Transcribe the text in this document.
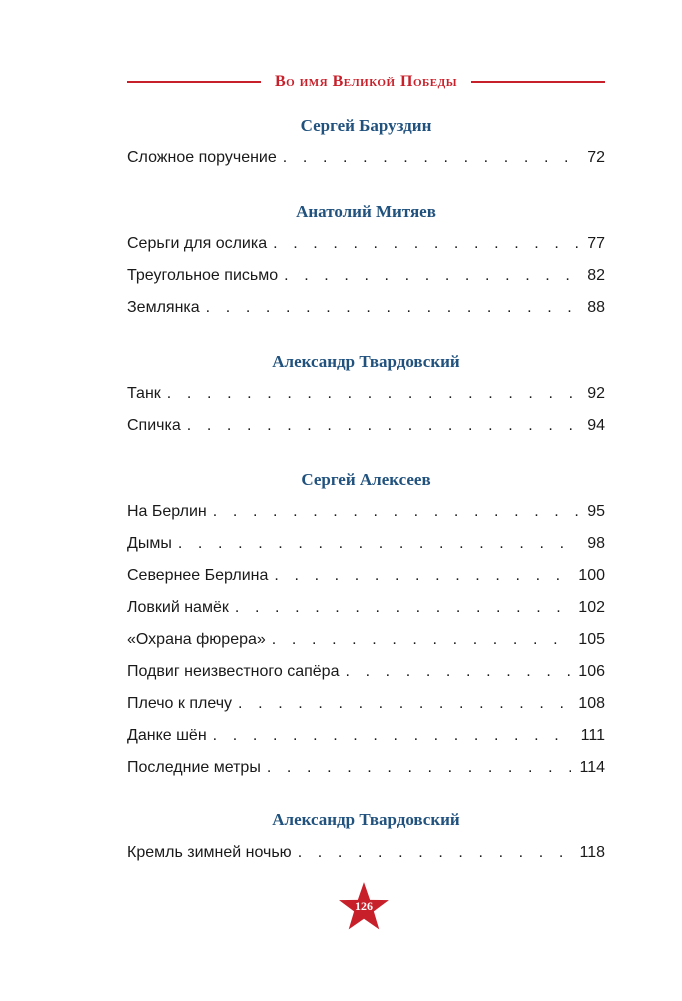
Во имя Великой Победы
Сергей Баруздин
Сложное поручение . . .	72
Анатолий Митяев
Серьги для ослика . . .	77
Треугольное письмо . . .	82
Землянка . . .	88
Александр Твардовский
Танк . . .	92
Спичка . . .	94
Сергей Алексеев
На Берлин . . .	95
Дымы . . .	98
Севернее Берлина . . .	100
Ловкий намёк . . .	102
«Охрана фюрера» . . .	105
Подвиг неизвестного сапёра . . .	106
Плечо к плечу . . .	108
Данке шён . . .	111
Последние метры . . .	114
Александр Твардовский
Кремль зимней ночью . . .	118
126
